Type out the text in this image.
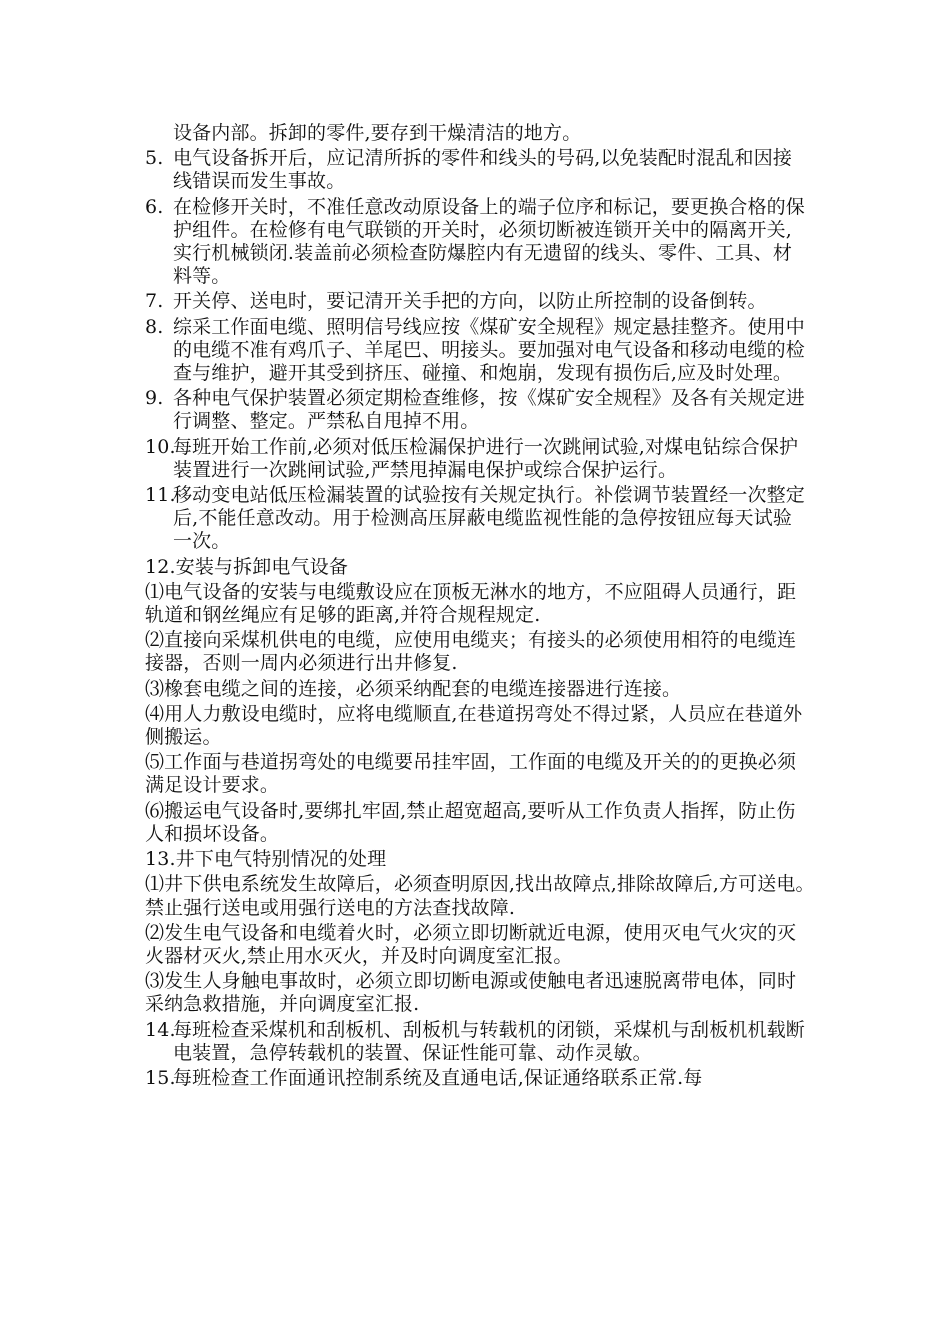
设备内部。拆卸的零件,要存到干燥清洁的地方。
5. 电气设备拆开后，应记清所拆的零件和线头的号码,以免装配时混乱和因接线错误而发生事故。
6. 在检修开关时，不准任意改动原设备上的端子位序和标记，要更换合格的保护组件。在检修有电气联锁的开关时，必须切断被连锁开关中的隔离开关,实行机械锁闭.装盖前必须检查防爆腔内有无遗留的线头、零件、工具、材料等。
7. 开关停、送电时，要记清开关手把的方向，以防止所控制的设备倒转。
8. 综采工作面电缆、照明信号线应按《煤矿安全规程》规定悬挂整齐。使用中的电缆不准有鸡爪子、羊尾巴、明接头。要加强对电气设备和移动电缆的检查与维护，避开其受到挤压、碰撞、和炮崩，发现有损伤后,应及时处理。
9. 各种电气保护装置必须定期检查维修，按《煤矿安全规程》及各有关规定进行调整、整定。严禁私自甩掉不用。
10.
每班开始工作前,必须对低压检漏保护进行一次跳闸试验,对煤电钻综合保护装置进行一次跳闸试验,严禁甩掉漏电保护或综合保护运行。
11.
移动变电站低压检漏装置的试验按有关规定执行。补偿调节装置经一次整定后,不能任意改动。用于检测高压屏蔽电缆监视性能的急停按钮应每天试验一次。
12.安装与拆卸电气设备
⑴电气设备的安装与电缆敷设应在顶板无淋水的地方，不应阻碍人员通行，距轨道和钢丝绳应有足够的距离,并符合规程规定.
⑵直接向采煤机供电的电缆，应使用电缆夹；有接头的必须使用相符的电缆连接器，否则一周内必须进行出井修复.
⑶橡套电缆之间的连接，必须采纳配套的电缆连接器进行连接。
⑷用人力敷设电缆时，应将电缆顺直,在巷道拐弯处不得过紧，人员应在巷道外侧搬运。
⑸工作面与巷道拐弯处的电缆要吊挂牢固，工作面的电缆及开关的的更换必须满足设计要求。
⑹搬运电气设备时,要绑扎牢固,禁止超宽超高,要听从工作负责人指挥，防止伤人和损坏设备。
13.井下电气特别情况的处理
⑴井下供电系统发生故障后，必须查明原因,找出故障点,排除故障后,方可送电。禁止强行送电或用强行送电的方法查找故障.
⑵发生电气设备和电缆着火时，必须立即切断就近电源，使用灭电气火灾的灭火器材灭火,禁止用水灭火，并及时向调度室汇报。
⑶发生人身触电事故时，必须立即切断电源或使触电者迅速脱离带电体，同时采纳急救措施，并向调度室汇报.
14.
每班检查采煤机和刮板机、刮板机与转载机的闭锁，采煤机与刮板机机载断电装置，急停转载机的装置、保证性能可靠、动作灵敏。
15.
每班检查工作面通讯控制系统及直通电话,保证通络联系正常.每
